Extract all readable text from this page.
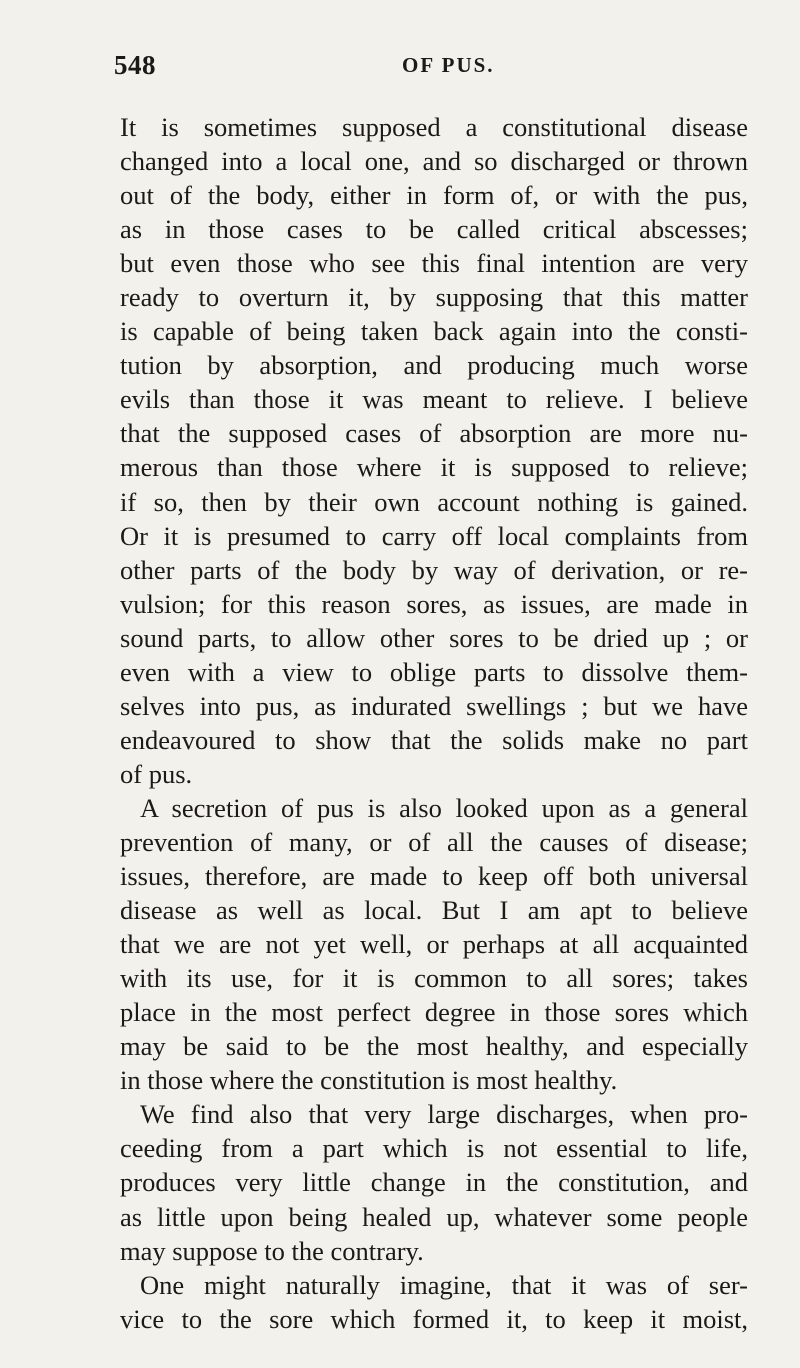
548	OF PUS.
It is sometimes supposed a constitutional disease
changed into a local one, and so discharged or thrown
out of the body, either in form of, or with the pus,
as in those cases to be called critical abscesses;
but even those who see this final intention are very
ready to overturn it, by supposing that this matter
is capable of being taken back again into the consti-
tution by absorption, and producing much worse
evils than those it was meant to relieve. I believe
that the supposed cases of absorption are more nu-
merous than those where it is supposed to relieve;
if so, then by their own account nothing is gained.
Or it is presumed to carry off local complaints from
other parts of the body by way of derivation, or re-
vulsion; for this reason sores, as issues, are made in
sound parts, to allow other sores to be dried up ; or
even with a view to oblige parts to dissolve them-
selves into pus, as indurated swellings ; but we have
endeavoured to show that the solids make no part
of pus.
A secretion of pus is also looked upon as a general
prevention of many, or of all the causes of disease;
issues, therefore, are made to keep off both universal
disease as well as local. But I am apt to believe
that we are not yet well, or perhaps at all acquainted
with its use, for it is common to all sores; takes
place in the most perfect degree in those sores which
may be said to be the most healthy, and especially
in those where the constitution is most healthy.
We find also that very large discharges, when pro-
ceeding from a part which is not essential to life,
produces very little change in the constitution, and
as little upon being healed up, whatever some people
may suppose to the contrary.
One might naturally imagine, that it was of ser-
vice to the sore which formed it, to keep it moist,
